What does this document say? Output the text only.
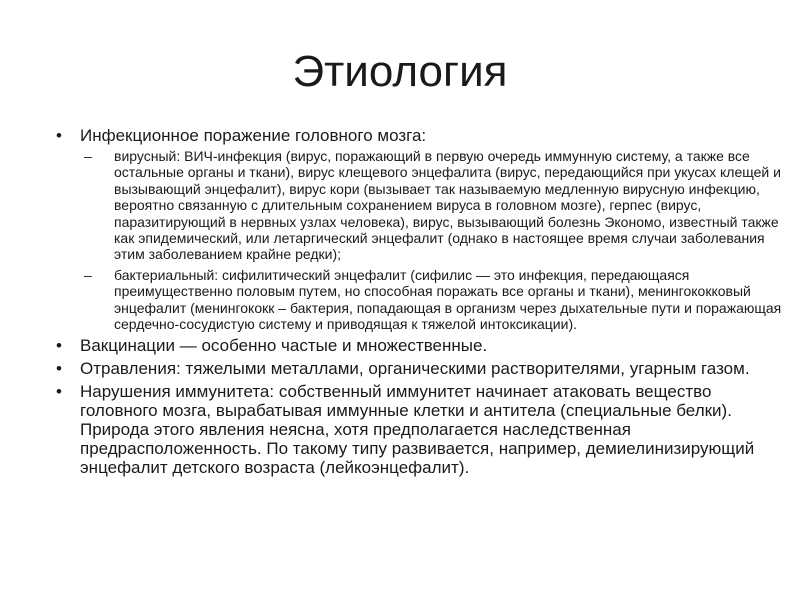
Этиология
• Инфекционное поражение головного мозга:
– вирусный: ВИЧ-инфекция (вирус, поражающий в первую очередь иммунную систему, а также все остальные органы и ткани), вирус клещевого энцефалита (вирус, передающийся при укусах клещей и вызывающий энцефалит), вирус кори (вызывает так называемую медленную вирусную инфекцию, вероятно связанную с длительным сохранением вируса в головном мозге), герпес (вирус, паразитирующий в нервных узлах человека), вирус, вызывающий болезнь Экономо, известный также как эпидемический, или летаргический энцефалит (однако в настоящее время случаи заболевания этим заболеванием крайне редки);
– бактериальный: сифилитический энцефалит (сифилис — это инфекция, передающаяся преимущественно половым путем, но способная поражать все органы и ткани), менингококковый энцефалит (менингококк – бактерия, попадающая в организм через дыхательные пути и поражающая сердечно-сосудистую систему и приводящая к тяжелой интоксикации).
• Вакцинации — особенно частые и множественные.
• Отравления: тяжелыми металлами, органическими растворителями, угарным газом.
• Нарушения иммунитета: собственный иммунитет начинает атаковать вещество головного мозга, вырабатывая иммунные клетки и антитела (специальные белки). Природа этого явления неясна, хотя предполагается наследственная предрасположенность. По такому типу развивается, например, демиелинизирующий энцефалит детского возраста (лейкоэнцефалит).
